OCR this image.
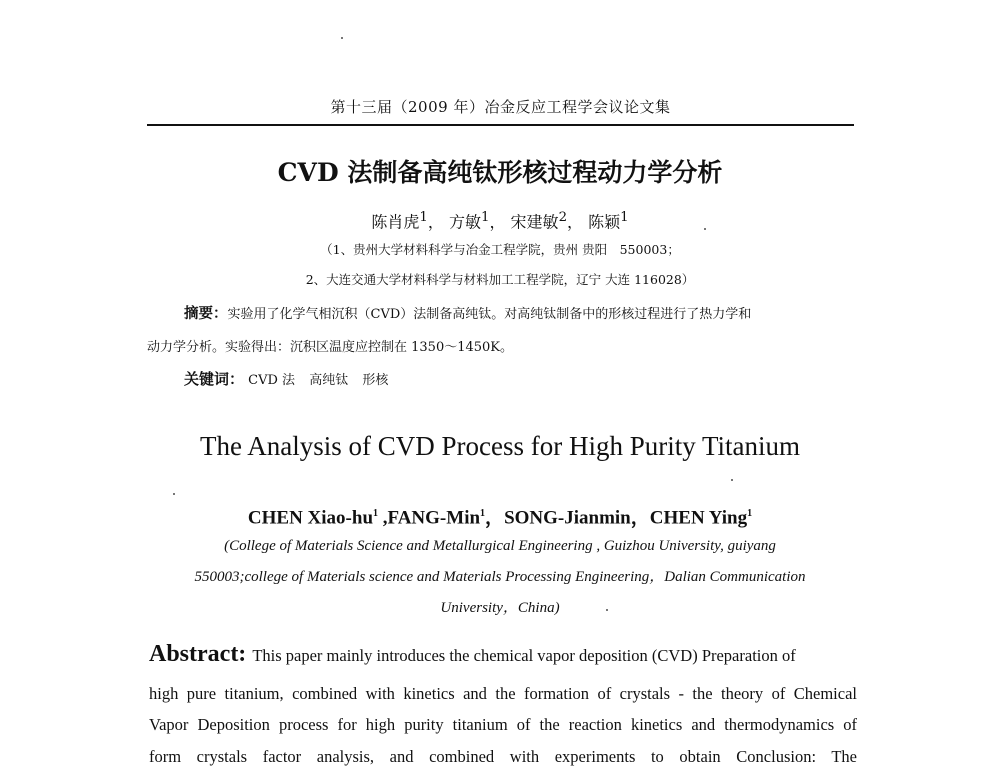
第十三届（2009 年）冶金反应工程学会议论文集
CVD 法制备高纯钛形核过程动力学分析
陈肖虎$^1$， 方敏$^1$， 宋建敏$^2$， 陈颖$^1$
（1、贵州大学材料科学与冶金工程学院，贵州 贵阳　550003；
2、大连交通大学材料科学与材料加工工程学院，辽宁 大连 116028）
摘要：实验用了化学气相沉积（CVD）法制备高纯钛。对高纯钛制备中的形核过程进行了热力学和
动力学分析。实验得出：沉积区温度应控制在 1350～1450K。
关键词： CVD 法 高纯钛 形核
The Analysis of CVD Process for High Purity Titanium
CHEN Xiao-$hu^1$ ,FANG-Min$^1$，SONG-Jianmin，CHEN Ying$^1$
(College of Materials Science and Metallurgical Engineering , Guizhou University, guiyang
550003;college of Materials science and Materials Processing Engineering，Dalian Communication
University，China)
Abstract: This paper mainly introduces the chemical vapor deposition (CVD) Preparation of
high pure titanium, combined with kinetics and the formation of crystals - the theory of Chemical
Vapor Deposition process for high purity titanium of the reaction kinetics and thermodynamics of
form crystals factor analysis, and combined with experiments to obtain Conclusion: The
